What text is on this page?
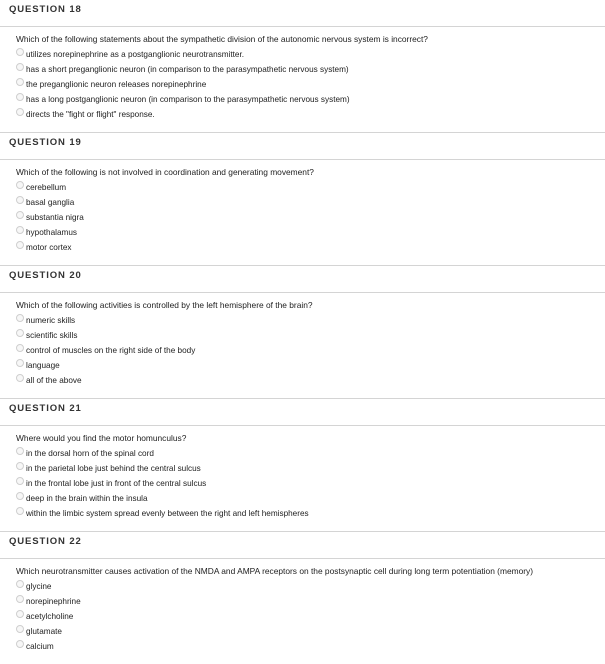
QUESTION 18
Which of the following statements about the sympathetic division of the autonomic nervous system is incorrect?
utilizes norepinephrine as a postganglionic neurotransmitter.
has a short preganglionic neuron (in comparison to the parasympathetic nervous system)
the preganglionic neuron releases norepinephrine
has a long postganglionic neuron (in comparison to the parasympathetic nervous system)
directs the "fight or flight" response.
QUESTION 19
Which of the following is not involved in coordination and generating movement?
cerebellum
basal ganglia
substantia nigra
hypothalamus
motor cortex
QUESTION 20
Which of the following activities is controlled by the left hemisphere of the brain?
numeric skills
scientific skills
control of muscles on the right side of the body
language
all of the above
QUESTION 21
Where would you find the motor homunculus?
in the dorsal horn of the spinal cord
in the parietal lobe just behind the central sulcus
in the frontal lobe just in front of the central sulcus
deep in the brain within the insula
within the limbic system spread evenly between the right and left hemispheres
QUESTION 22
Which neurotransmitter causes activation of the NMDA and AMPA receptors on the postsynaptic cell during long term potentiation (memory)
glycine
norepinephrine
acetylcholine
glutamate
calcium
